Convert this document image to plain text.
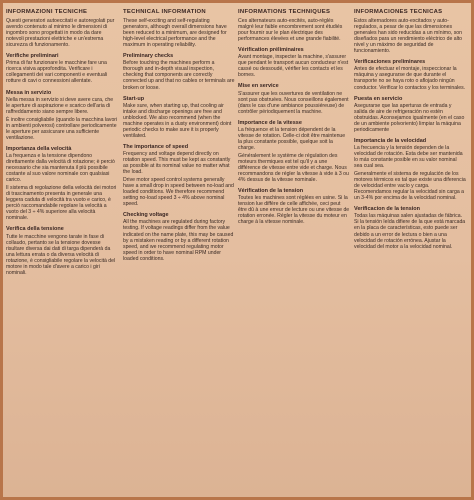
INFORMAZIONI TECNICHE
Questi generatori autoeccitati e autoregolati pur avendo contenuto al minimo le dimensioni di ingombro sono progettati in modo da dare notevoli prestazioni elettriche e un'estrema sicurezza di funzionamento.
Verifiche preliminari
Prima di far funzionare le macchine fare una ricerca visiva approfondita. Verificare i collegamenti dei vari componenti e eventuali rotture di cavi o connessioni allentate.
Messa in servizio
Nella messa in servizio si deve avere cura, che le aperture di aspirazione e scarico dell'aria di raffreddamento siano sempre libere.
È inoltre consigliabile (quando la macchina lavori in ambienti polverosi) controllare periodicamente le aperture per assicurare una sufficiente ventilazione.
Importanza della velocità
La frequenza e la tensione dipendono direttamente dalla velocità di rotazione; è perciò necessario che sia mantenuta il più possibile costante al suo valore nominale con qualsiasi carico.
Il sistema di regolazione della velocità dei motori di trascinamento presenta in generale una leggera caduta di velocità tra vuoto e carico, è perciò raccomandabile regolare la velocità a vuoto del 3 ÷ 4% superiore alla velocità nominale.
Verifica della tensione
Tutte le macchine vengono tarate in fase di collaudo, pertanto se la tensione dovesse risultare diversa dai dati di targa dipenderà da una lettura errata o da diversa velocità di rotazione, è consigliabile regolare la velocità del motore in modo tale d'avere a carico i giri nominali.
TECHNICAL INFORMATION
These self-exciting and self-regulating generators, although overall dimensions have been reduced to a minimum, are designed for high-level electrical performance and the maximum in operating reliability.
Preliminary checks
Before touching the machines perform a thorough and in-depth visual inspection, checking that components are correctly connected up and that no cables or terminals are broken or loose.
Start-up
Make sure, when starting up, that cooling air intake and discharge openings are free and unblocked. We also recommend (when the machine operates in a dusty environment) doint periodic checks to make sure it is properly ventilated.
The importance of speed
Frequency and voltage depend directly on rotation speed. This must be kept as constantly as possible at its nominal value no matter what the load.
Drive motor speed control systems generally have a small drop in speed between no-load and loaded conditions. We therefore recommend setting no-load speed 3 ÷ 4% above nominal speed.
Checking voltage
All the machines are regulated during factory testing. If voltage readings differ from the value indicated on the name plate, this may be caused by a mistaken reading or by a different rotation speed, and we recommend regulating motor speed in order to have nominal RPM under loaded conditions.
INFORMATIONS TECHNIQUES
Ces alternateurs auto-excités, auto-réglés malgré leur faible encombrement sont étudiés pour fournir sur le plan électrique des performances élevées et une grande fiabilité.
Vérification préliminaires
Avant montage, inspecter la machine, s'assurer que pendant le transport aucun conducteur n'est cassé ou dessoudé, vérifier les contacts et les bornes.
Mise en service
S'assurer que les ouvertures de ventilation ne sont pas obstruées. Nous conseillons également (dans le cas d'une ambiance poussiéreuse) de contrôler périodiquement la machine.
Importance de la vitesse
La fréquence et la tension dépendent de la vitesse de rotation. Celle-ci doit être maintenue la plus constante possible, quelque soit la charge.
Généralement le système de régulation des moteurs thermiques est tel qu'il y a une différence de vitesse entre vide et charge. Nous recommandons de régler la vitesse à vide à 3 ou 4% dessus de la vitesse nominale.
Vérification de la tension
Toutes les machines sont réglées en usine. Si la tension lue diffère de celle affichée, ceci peut être dû à une erreur de lecture ou une vitesse de rotation erronée. Régler la vitesse du moteur en charge à la vitesse nominale.
INFORMACIONES TECNICAS
Estos alternadores auto-excitados y auto-regulados, a pesar de que las dimensiones generales han sido reducidas a un mínimo, son diseñados para un rendimiento eléctrico de alto nivel y un máximo de seguridad de funcionamiento.
Verificaciones preliminares
Antes de efectuar el montaje, inspeccionar la máquina y asegurarse de que durante el transporte no se haya roto o aflojado ningún conductor. Verificar lo contactos y los terminales.
Puesta en servicio
Asegurarse que las aperturas de entrada y salida de aire de refrigeración no estén obstruidas. Aconsejamos igualmente (en el caso de un ambiente polvoriento) limpiar la máquina periodicamente
Importancia de la velocidad
La frecuencia y la tensión dependen de la velocidad de rotación. Esta debe ser mantenida lo más constante posible en su valor nominal sea cual sea.
Generalmente el sistema de regulación de los motores térmicos es tal que existe una diferencia de velocidad entre vacío y carga. Recomendamos regular la velocidad sin carga a un 3-4% por encima de la velocidad nominal.
Verificacion de la tension
Todas las máquinas salen ajustadas de fábrica. Si la tensión leída difiere de la que está marcada en la placa de características, esto puede ser debido a un error de lectura o bien a una velocidad de rotación errónea. Ajustar la velocidad del motor a la velocidad nominal.
